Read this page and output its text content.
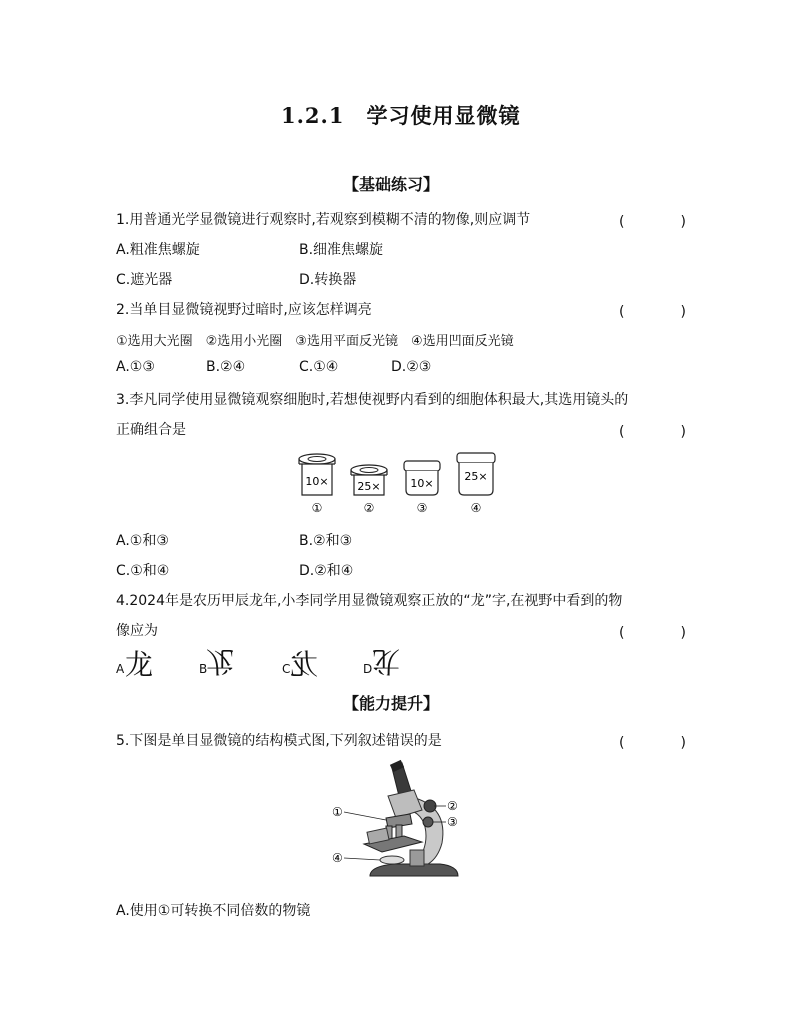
1.2.1　学习使用显微镜
【基础练习】
1.用普通光学显微镜进行观察时,若观察到模糊不清的物像,则应调节	(　　　　)
A.粗准焦螺旋	B.细准焦螺旋
C.遮光器	D.转换器
2.当单目显微镜视野过暗时,应该怎样调亮	(　　　　)
①选用大光圈　②选用小光圈　③选用平面反光镜　④选用凹面反光镜
A.①③	B.②④	C.①④	D.②③
3.李凡同学使用显微镜观察细胞时,若想使视野内看到的细胞体积最大,其选用镜头的
正确组合是	(　　　　)
10×
①
25×
②
10×
③
25×
④
A.①和③	B.②和③
C.①和④	D.②和④
4.2024年是农历甲辰龙年,小李同学用显微镜观察正放的“龙”字,在视野中看到的物
像应为	(　　　　)
A 龙	B
龙	C 龙	D 龙
【能力提升】
5.下图是单目显微镜的结构模式图,下列叙述错误的是	(　　　　)
①	②
③
④
A.使用①可转换不同倍数的物镜
